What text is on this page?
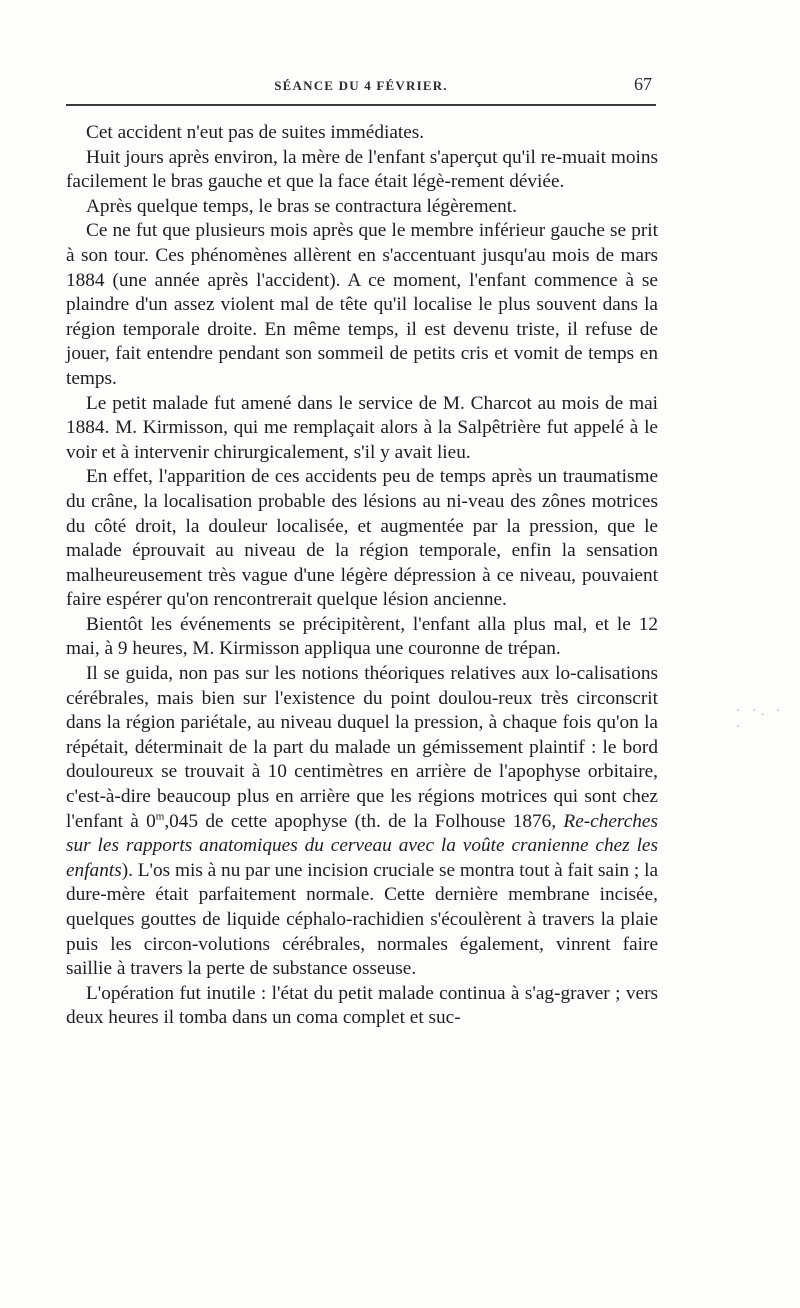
SÉANCE DU 4 FÉVRIER.	67

Cet accident n'eut pas de suites immédiates.

Huit jours après environ, la mère de l'enfant s'aperçut qu'il re-muait moins facilement le bras gauche et que la face était légè-rement déviée.

Après quelque temps, le bras se contractura légèrement.

Ce ne fut que plusieurs mois après que le membre inférieur gauche se prit à son tour. Ces phénomènes allèrent en s'accentuant jusqu'au mois de mars 1884 (une année après l'accident). A ce moment, l'enfant commence à se plaindre d'un assez violent mal de tête qu'il localise le plus souvent dans la région temporale droite. En même temps, il est devenu triste, il refuse de jouer, fait entendre pendant son sommeil de petits cris et vomit de temps en temps.

Le petit malade fut amené dans le service de M. Charcot au mois de mai 1884. M. Kirmisson, qui me remplaçait alors à la Salpêtrière fut appelé à le voir et à intervenir chirurgicalement, s'il y avait lieu.

En effet, l'apparition de ces accidents peu de temps après un traumatisme du crâne, la localisation probable des lésions au ni-veau des zônes motrices du côté droit, la douleur localisée, et augmentée par la pression, que le malade éprouvait au niveau de la région temporale, enfin la sensation malheureusement très vague d'une légère dépression à ce niveau, pouvaient faire espérer qu'on rencontrerait quelque lésion ancienne.

Bientôt les événements se précipitèrent, l'enfant alla plus mal, et le 12 mai, à 9 heures, M. Kirmisson appliqua une couronne de trépan.

Il se guida, non pas sur les notions théoriques relatives aux lo-calisations cérébrales, mais bien sur l'existence du point doulou-reux très circonscrit dans la région pariétale, au niveau duquel la pression, à chaque fois qu'on la répétait, déterminait de la part du malade un gémissement plaintif : le bord douloureux se trouvait à 10 centimètres en arrière de l'apophyse orbitaire, c'est-à-dire beaucoup plus en arrière que les régions motrices qui sont chez l'enfant à 0$^m$,045 de cette apophyse (th. de la Folhouse 1876, Re-cherches sur les rapports anatomiques du cerveau avec la voûte cranienne chez les enfants). L'os mis à nu par une incision cruciale se montra tout à fait sain ; la dure-mère était parfaitement normale. Cette dernière membrane incisée, quelques gouttes de liquide céphalo-rachidien s'écoulèrent à travers la plaie puis les circon-volutions cérébrales, normales également, vinrent faire saillie à travers la perte de substance osseuse.

L'opération fut inutile : l'état du petit malade continua à s'ag-graver ; vers deux heures il tomba dans un coma complet et suc-

· ·. · ·
